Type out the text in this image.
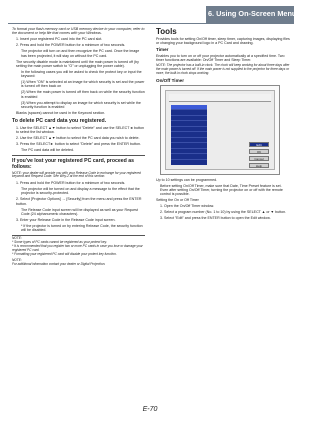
6. Using On-Screen Menu
To format your flash memory card or USB memory device in your computer, refer to the document or help file that comes with your Windows.
1. Insert your registered PC card into the PC card slot.
2. Press and hold the POWER button for a minimum of two seconds.
The projector will turn on and then recognize the PC card. Once the image has been projected, it will stay on without the PC card.
The security disable mode is maintained until the main power is turned off (by setting the main power switch to "O" or unplugging the power cable).
In the following cases you will be asked to check the protect key or input the keyword:
(1) When "ON" is selected at an image for which security is set and the power is turned off then back on
(2) When the main power is turned off then back on while the security function is enabled
(3) When you attempt to display an image for which security is set while the security function is enabled
Blanks (spaces) cannot be used in the Keyword section.
To delete PC card data you registered.
1. Use the SELECT ▲▼ button to select "Delete" and use the SELECT◄ button to select the list window.
2. Use the SELECT ▲▼ button to select the PC card data you wish to delete.
3. Press the SELECT► button to select "Delete" and press the ENTER button.
The PC card data will be deleted.
If you've lost your registered PC card, proceed as follows:
NOTE: your dealer will provide you with your Release Code in exchange for your registered keyword and Request Code. See Why-2 at the end of this section.
1. Press and hold the POWER button for a minimum of two seconds.
The projector will be turned on and display a message to the effect that the projector is security-protected.
2. Select [Projector Options] → [Security] from the menu and press the ENTER button.
The Release Code input screen will be displayed as well as your Request Code (24 alphanumeric characters).
3. Enter your Release Code in the Release Code input screen.
* If the projector is turned on by entering Release Code, the security function will be disabled.
NOTE:
* Some types of PC cards cannot be registered as your protect key.
* It is recommended that you register two or more PC cards in case you lose or damage your registered PC card.
* Formatting your registered PC card will disable your protect key function.
NOTE:
For additional information contact your dealer or Digital Projection.
Tools
Provides tools for setting On/Off timer, sleep timer, capturing images, displaying files or changing your background logo in a PC Card and drawing.
Timer
Enables you to turn on or off your projector automatically at a specified time. Two timer functions are available: On/Off Timer and Sleep Timer.
NOTE: The projector has a built-in clock. The clock will keep working for about three days after the main power is turned off. If the main power is not supplied to the projector for three days or more, the built-in clock stops working.
On/Off Timer
Edit
OK
Cancel
Help
Up to 10 settings can be programmed.
Before setting On/Off Timer, make sure that Date, Time Preset feature is set.
Even after setting On/Off Timer, turning the projector on or off with the remote control is possible.
Setting the On or Off Timer
1. Open the On/Off Timer window.
2. Select a program number (No. 1 to 10) by using the SELECT ▲ or ▼ button.
3. Select "Edit" and press the ENTER button to open the Edit window.
E-70
